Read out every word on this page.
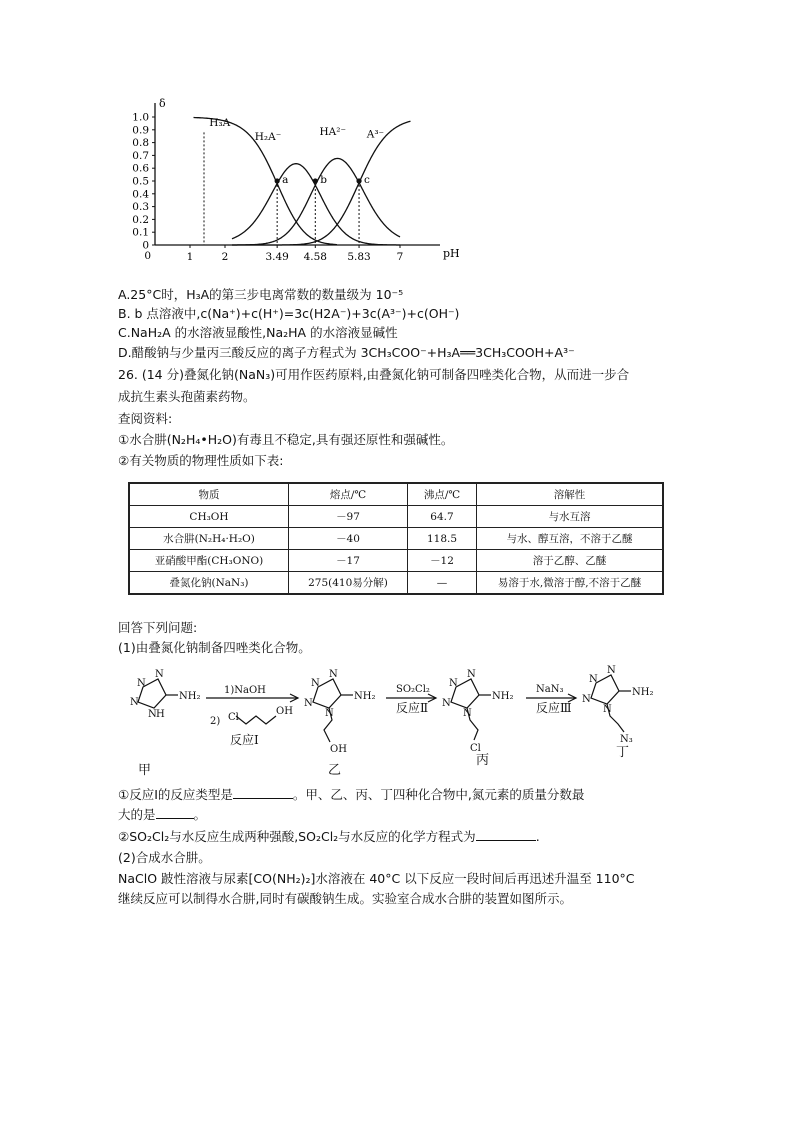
δ
pH
0
0.1
0.2
0.3
0.4
0.5
0.6
0.7
0.8
0.9
1.0
1	2	3.49 4.58 5.83 7
0
H₃A
H₂A⁻	HA²⁻ A³⁻
a	b	c
A.25°C时，H₃A的第三步电离常数的数量级为 10⁻⁵
B. b 点溶液中,c(Na⁺)+c(H⁺)=3c(H2A⁻)+3c(A³⁻)+c(OH⁻)
C.NaH₂A 的水溶液显酸性,Na₂HA 的水溶液显碱性
D.醋酸钠与少量丙三酸反应的离子方程式为 3CH₃COO⁻+H₃A══3CH₃COOH+A³⁻
26. (14 分)叠氮化钠(NaN₃)可用作医药原料,由叠氮化钠可制备四唑类化合物，从而进一步合
成抗生素头孢菌素药物。
查阅资料:
①水合肼(N₂H₄•H₂O)有毒且不稳定,具有强还原性和强碱性。
②有关物质的物理性质如下表:
物质	熔点/℃	沸点/℃	溶解性
CH₃OH	－97	64.7	与水互溶
水合肼(N₂H₄·H₂O)	－40	118.5	与水、醇互溶，不溶于乙醚
亚硝酸甲酯(CH₃ONO)	－17	－12	溶于乙醇、乙醚
叠氮化钠(NaN₃)	275(410易分解)	—	易溶于水,微溶于醇,不溶于乙醚
回答下列问题:
(1)由叠氮化钠制备四唑类化合物。
N
N
N
N H
NH₂
1)NaOH
2) Cl
OH
反应Ⅰ
N
N
N
N
NH₂
OH
SO₂Cl₂
反应Ⅱ
N
N
N
N
NH₂
Cl
NaN₃
反应Ⅲ
N
N
N
N
NH₂
N₃
甲	乙
丙
丁
①反应Ⅰ的反应类型是	。甲、乙、丙、丁四种化合物中,氮元素的质量分数最
大的是	。
②SO₂Cl₂与水反应生成两种强酸,SO₂Cl₂与水反应的化学方程式为	.
(2)合成水合肼。
NaClO 跛性溶液与尿素[CO(NH₂)₂]水溶液在 40°C 以下反应一段时间后再迅述升温至 110°C
继续反应可以制得水合肼,同时有碳酸钠生成。实验室合成水合肼的装置如图所示。
